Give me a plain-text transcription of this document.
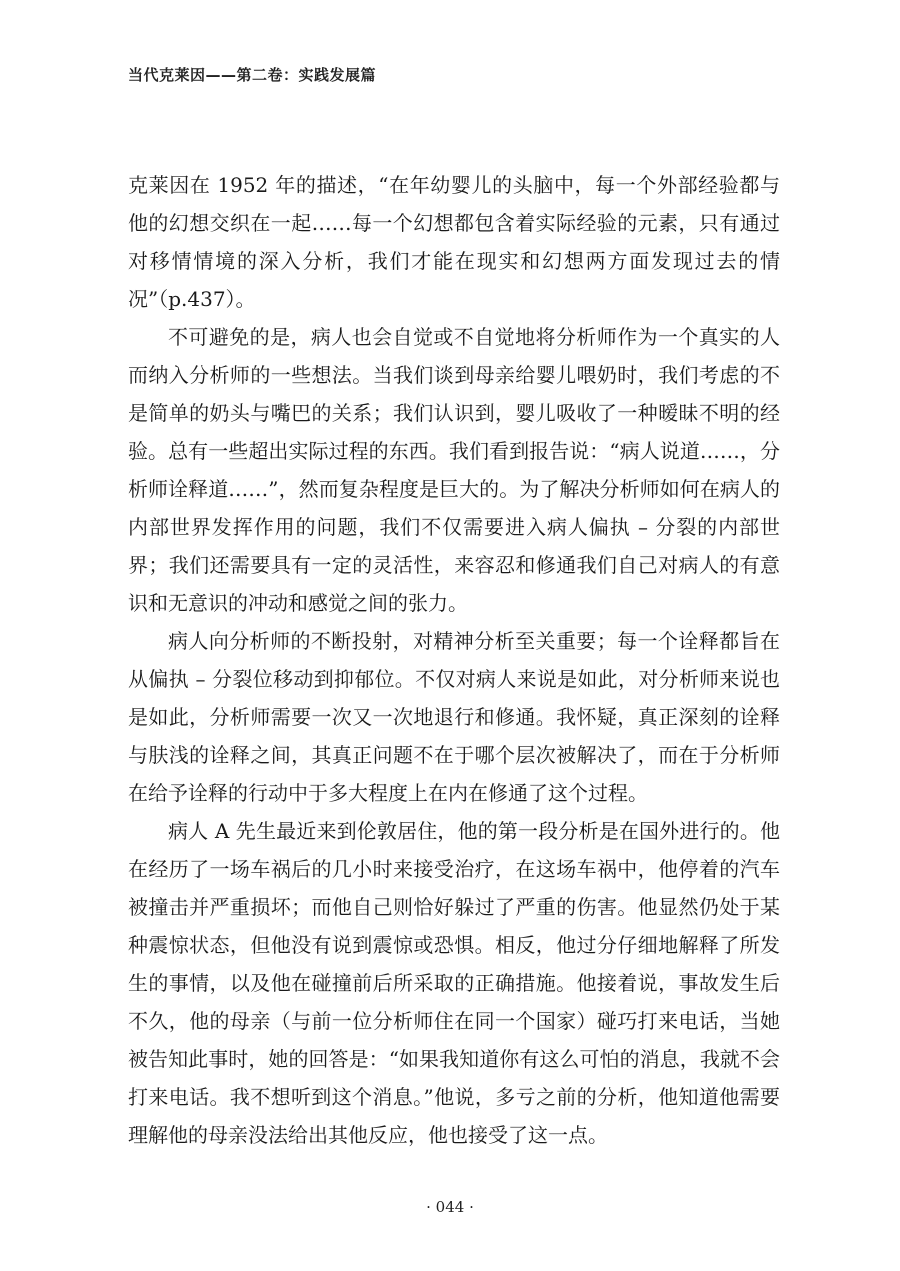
当代克莱因——第二卷：实践发展篇

克莱因在 1952 年的描述，“在年幼婴儿的头脑中，每一个外部经验都与他的幻想交织在一起……每一个幻想都包含着实际经验的元素，只有通过对移情情境的深入分析，我们才能在现实和幻想两方面发现过去的情况”（p.437）。

不可避免的是，病人也会自觉或不自觉地将分析师作为一个真实的人而纳入分析师的一些想法。当我们谈到母亲给婴儿喂奶时，我们考虑的不是简单的奶头与嘴巴的关系；我们认识到，婴儿吸收了一种暧昧不明的经验。总有一些超出实际过程的东西。我们看到报告说：“病人说道……，分析师诠释道……”，然而复杂程度是巨大的。为了解决分析师如何在病人的内部世界发挥作用的问题，我们不仅需要进入病人偏执 – 分裂的内部世界；我们还需要具有一定的灵活性，来容忍和修通我们自己对病人的有意识和无意识的冲动和感觉之间的张力。

病人向分析师的不断投射，对精神分析至关重要；每一个诠释都旨在从偏执 – 分裂位移动到抑郁位。不仅对病人来说是如此，对分析师来说也是如此，分析师需要一次又一次地退行和修通。我怀疑，真正深刻的诠释与肤浅的诠释之间，其真正问题不在于哪个层次被解决了，而在于分析师在给予诠释的行动中于多大程度上在内在修通了这个过程。

病人 A 先生最近来到伦敦居住，他的第一段分析是在国外进行的。他在经历了一场车祸后的几小时来接受治疗，在这场车祸中，他停着的汽车被撞击并严重损坏；而他自己则恰好躲过了严重的伤害。他显然仍处于某种震惊状态，但他没有说到震惊或恐惧。相反，他过分仔细地解释了所发生的事情，以及他在碰撞前后所采取的正确措施。他接着说，事故发生后不久，他的母亲（与前一位分析师住在同一个国家）碰巧打来电话，当她被告知此事时，她的回答是：“如果我知道你有这么可怕的消息，我就不会打来电话。我不想听到这个消息。”他说，多亏之前的分析，他知道他需要理解他的母亲没法给出其他反应，他也接受了这一点。

· 044 ·
